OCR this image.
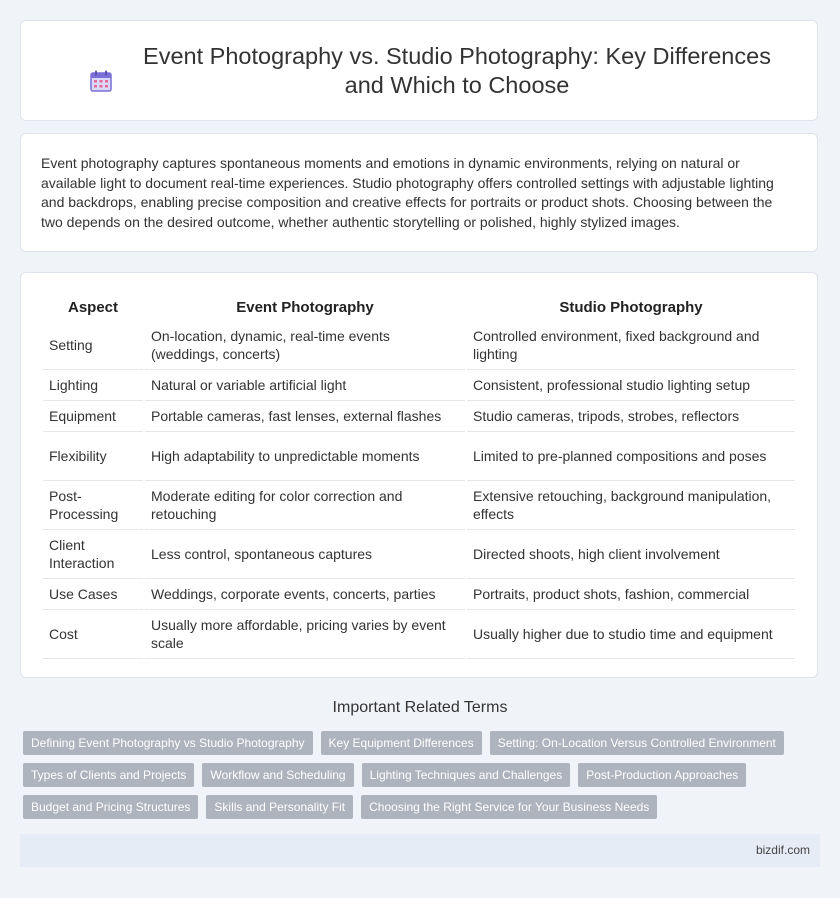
Event Photography vs. Studio Photography: Key Differences and Which to Choose

Event photography captures spontaneous moments and emotions in dynamic environments, relying on natural or available light to document real-time experiences. Studio photography offers controlled settings with adjustable lighting and backdrops, enabling precise composition and creative effects for portraits or product shots. Choosing between the two depends on the desired outcome, whether authentic storytelling or polished, highly stylized images.

Aspect	Event Photography	Studio Photography
Setting	On-location, dynamic, real-time events (weddings, concerts)	Controlled environment, fixed background and lighting
Lighting	Natural or variable artificial light	Consistent, professional studio lighting setup
Equipment	Portable cameras, fast lenses, external flashes	Studio cameras, tripods, strobes, reflectors
Flexibility	High adaptability to unpredictable moments	Limited to pre-planned compositions and poses
Post-Processing	Moderate editing for color correction and retouching	Extensive retouching, background manipulation, effects
Client Interaction	Less control, spontaneous captures	Directed shoots, high client involvement
Use Cases	Weddings, corporate events, concerts, parties	Portraits, product shots, fashion, commercial
Cost	Usually more affordable, pricing varies by event scale	Usually higher due to studio time and equipment
Important Related Terms
Defining Event Photography vs Studio Photography	Key Equipment Differences	Setting: On-Location Versus Controlled Environment
Types of Clients and Projects	Workflow and Scheduling	Lighting Techniques and Challenges	Post-Production Approaches
Budget and Pricing Structures	Skills and Personality Fit	Choosing the Right Service for Your Business Needs
bizdif.com
